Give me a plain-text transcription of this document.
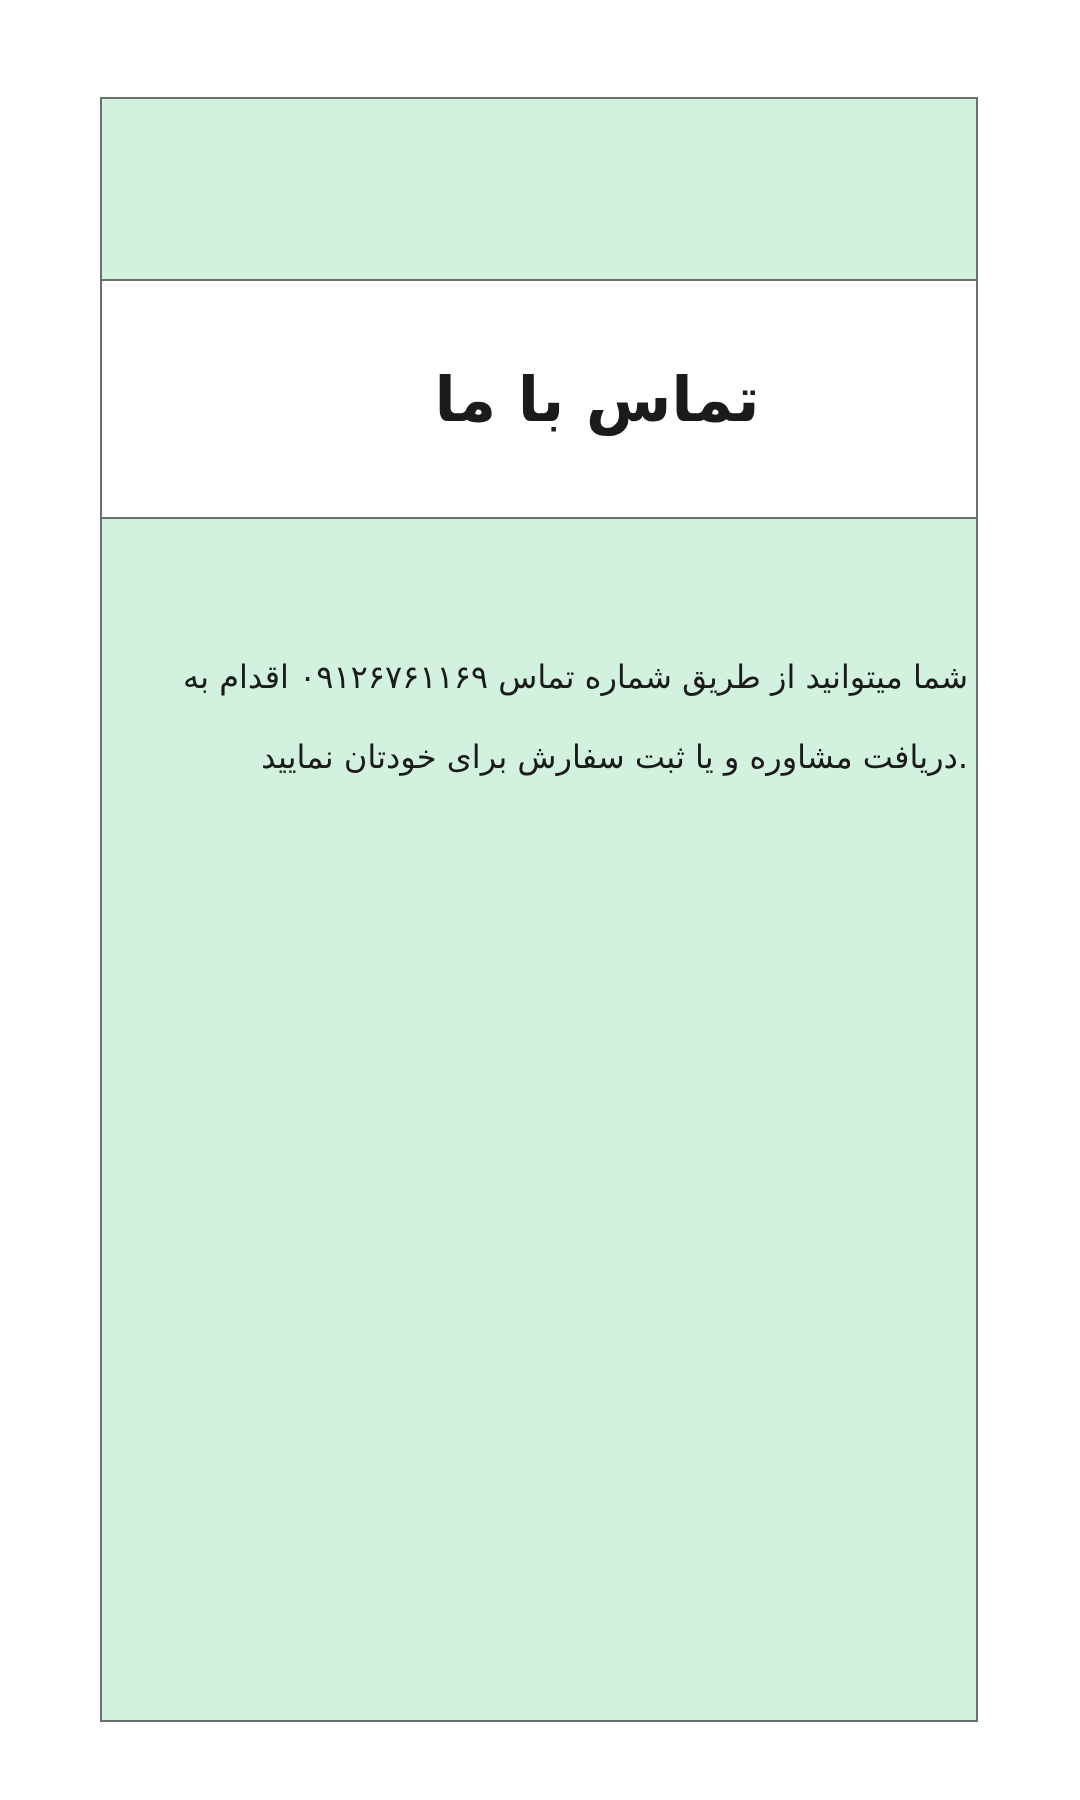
تماس با ما

شما میتوانید از طریق شماره تماس ۰۹۱۲۶۷۶۱۱۶۹ اقدام به
دریافت مشاوره و یا ثبت سفارش برای خودتان نمایید.
